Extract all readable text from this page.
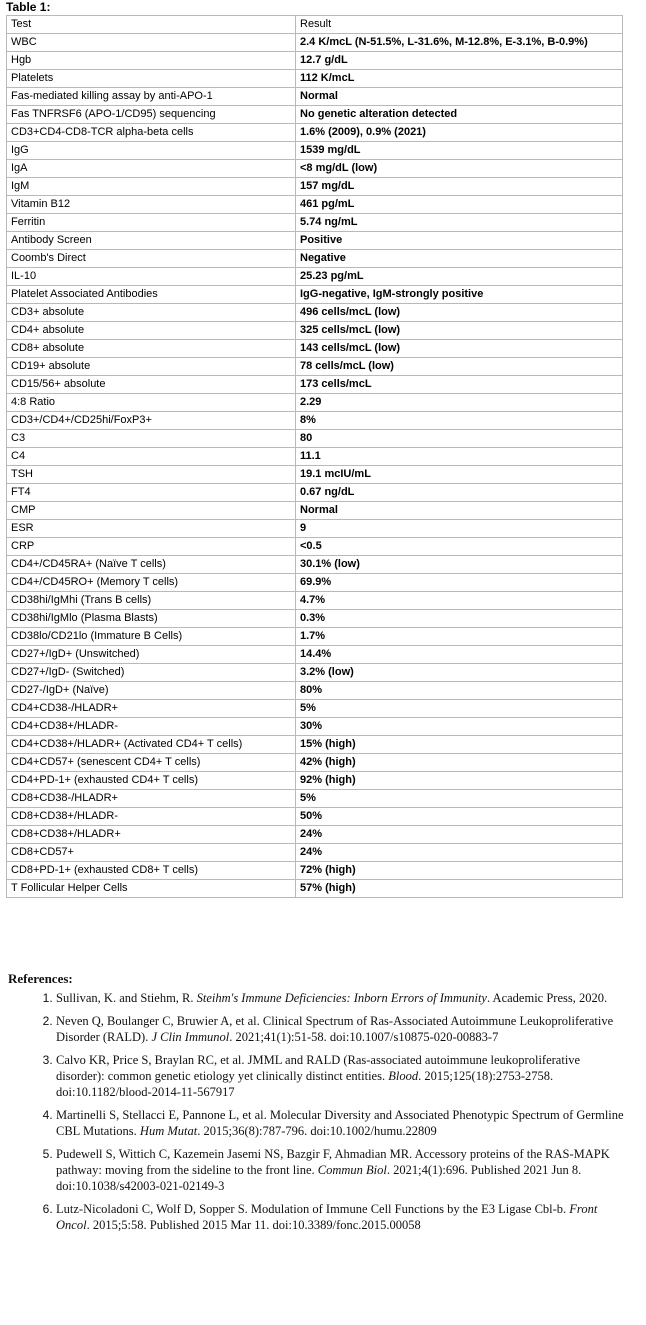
Table 1:
Test	Result
WBC	2.4 K/mcL (N-51.5%, L-31.6%, M-12.8%, E-3.1%, B-0.9%)
Hgb	12.7 g/dL
Platelets	112 K/mcL
Fas-mediated killing assay by anti-APO-1	Normal
Fas TNFRSF6 (APO-1/CD95) sequencing	No genetic alteration detected
CD3+CD4-CD8-TCR alpha-beta cells	1.6% (2009), 0.9% (2021)
IgG	1539 mg/dL
IgA	<8 mg/dL (low)
IgM	157 mg/dL
Vitamin B12	461 pg/mL
Ferritin	5.74 ng/mL
Antibody Screen	Positive
Coomb's Direct	Negative
IL-10	25.23 pg/mL
Platelet Associated Antibodies	IgG-negative, IgM-strongly positive
CD3+ absolute	496 cells/mcL (low)
CD4+ absolute	325 cells/mcL (low)
CD8+ absolute	143 cells/mcL (low)
CD19+ absolute	78 cells/mcL (low)
CD15/56+ absolute	173 cells/mcL
4:8 Ratio	2.29
CD3+/CD4+/CD25hi/FoxP3+	8%
C3	80
C4	11.1
TSH	19.1 mcIU/mL
FT4	0.67 ng/dL
CMP	Normal
ESR	9
CRP	<0.5
CD4+/CD45RA+ (Naïve T cells)	30.1% (low)
CD4+/CD45RO+ (Memory T cells)	69.9%
CD38hi/IgMhi (Trans B cells)	4.7%
CD38hi/IgMlo (Plasma Blasts)	0.3%
CD38lo/CD21lo (Immature B Cells)	1.7%
CD27+/IgD+ (Unswitched)	14.4%
CD27+/IgD- (Switched)	3.2% (low)
CD27-/IgD+ (Naïve)	80%
CD4+CD38-/HLADR+	5%
CD4+CD38+/HLADR-	30%
CD4+CD38+/HLADR+ (Activated CD4+ T cells)	15% (high)
CD4+CD57+ (senescent CD4+ T cells)	42% (high)
CD4+PD-1+ (exhausted CD4+ T cells)	92% (high)
CD8+CD38-/HLADR+	5%
CD8+CD38+/HLADR-	50%
CD8+CD38+/HLADR+	24%
CD8+CD57+	24%
CD8+PD-1+ (exhausted CD8+ T cells)	72% (high)
T Follicular Helper Cells	57% (high)
References:
1. Sullivan, K. and Stiehm, R. Steihm's Immune Deficiencies: Inborn Errors of Immunity. Academic Press, 2020.
2. Neven Q, Boulanger C, Bruwier A, et al. Clinical Spectrum of Ras-Associated Autoimmune Leukoproliferative Disorder (RALD). J Clin Immunol. 2021;41(1):51-58. doi:10.1007/s10875-020-00883-7
3. Calvo KR, Price S, Braylan RC, et al. JMML and RALD (Ras-associated autoimmune leukoproliferative disorder): common genetic etiology yet clinically distinct entities. Blood. 2015;125(18):2753-2758. doi:10.1182/blood-2014-11-567917
4. Martinelli S, Stellacci E, Pannone L, et al. Molecular Diversity and Associated Phenotypic Spectrum of Germline CBL Mutations. Hum Mutat. 2015;36(8):787-796. doi:10.1002/humu.22809
5. Pudewell S, Wittich C, Kazemein Jasemi NS, Bazgir F, Ahmadian MR. Accessory proteins of the RAS-MAPK pathway: moving from the sideline to the front line. Commun Biol. 2021;4(1):696. Published 2021 Jun 8. doi:10.1038/s42003-021-02149-3
6. Lutz-Nicoladoni C, Wolf D, Sopper S. Modulation of Immune Cell Functions by the E3 Ligase Cbl-b. Front Oncol. 2015;5:58. Published 2015 Mar 11. doi:10.3389/fonc.2015.00058
